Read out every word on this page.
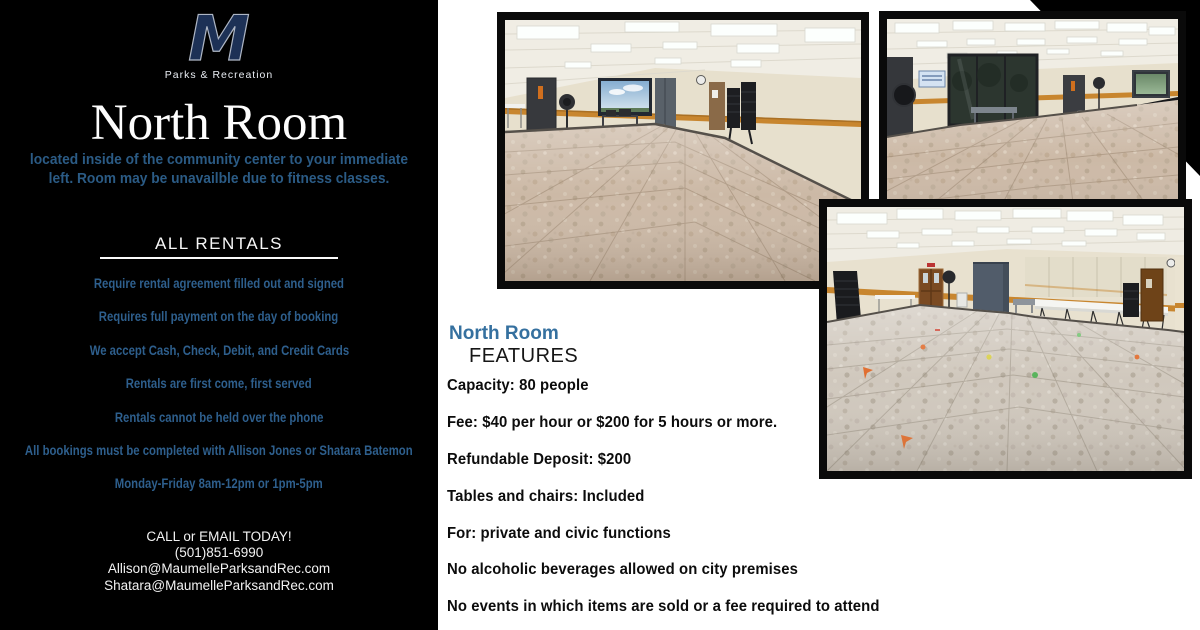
North Room
FEATURES
Capacity: 80 people
Fee: $40 per hour or $200 for 5 hours or more.
Refundable Deposit: $200
Tables and chairs: Included
For: private and civic functions
No alcoholic beverages allowed on city premises
No events in which items are sold or a fee required to attend
M
Parks & Recreation
North Room
located inside of the community center to your immediate
left. Room may be unavailble due to fitness classes.
ALL RENTALS
Require rental agreement filled out and signed
Requires full payment on the day of booking
We accept Cash, Check, Debit, and Credit Cards
Rentals are first come, first served
Rentals cannot be held over the phone
All bookings must be completed with Allison Jones or Shatara Batemon
Monday-Friday 8am-12pm or 1pm-5pm
CALL or EMAIL TODAY!
(501)851-6990
Allison@MaumelleParksandRec.com
Shatara@MaumelleParksandRec.com
